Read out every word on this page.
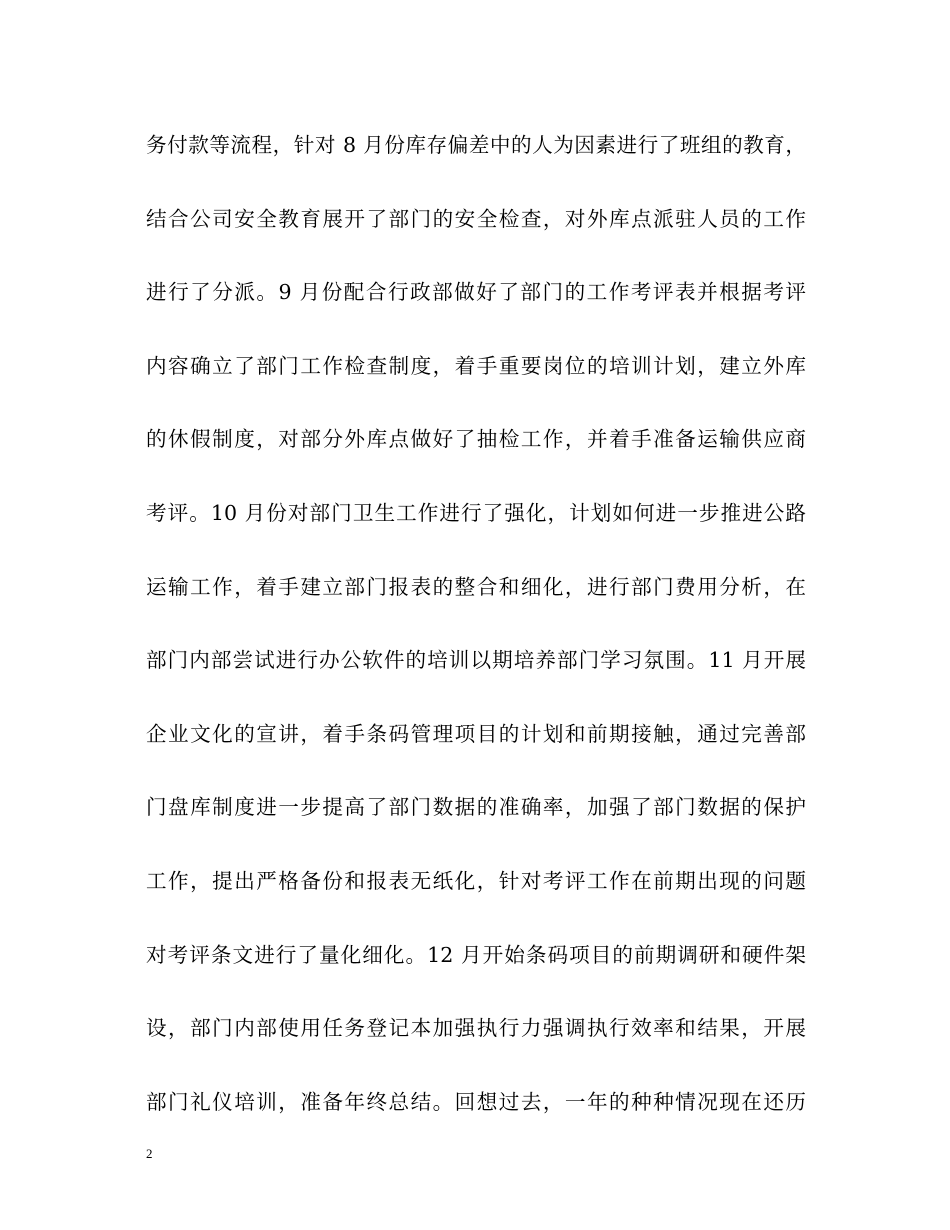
务付款等流程，针对 8 月份库存偏差中的人为因素进行了班组的教育，
结合公司安全教育展开了部门的安全检查，对外库点派驻人员的工作
进行了分派。9 月份配合行政部做好了部门的工作考评表并根据考评
内容确立了部门工作检查制度，着手重要岗位的培训计划，建立外库
的休假制度，对部分外库点做好了抽检工作，并着手准备运输供应商
考评。10 月份对部门卫生工作进行了强化，计划如何进一步推进公路
运输工作，着手建立部门报表的整合和细化，进行部门费用分析，在
部门内部尝试进行办公软件的培训以期培养部门学习氛围。11 月开展
企业文化的宣讲，着手条码管理项目的计划和前期接触，通过完善部
门盘库制度进一步提高了部门数据的准确率，加强了部门数据的保护
工作，提出严格备份和报表无纸化，针对考评工作在前期出现的问题
对考评条文进行了量化细化。12 月开始条码项目的前期调研和硬件架
设，部门内部使用任务登记本加强执行力强调执行效率和结果，开展
部门礼仪培训，准备年终总结。回想过去，一年的种种情况现在还历
2
